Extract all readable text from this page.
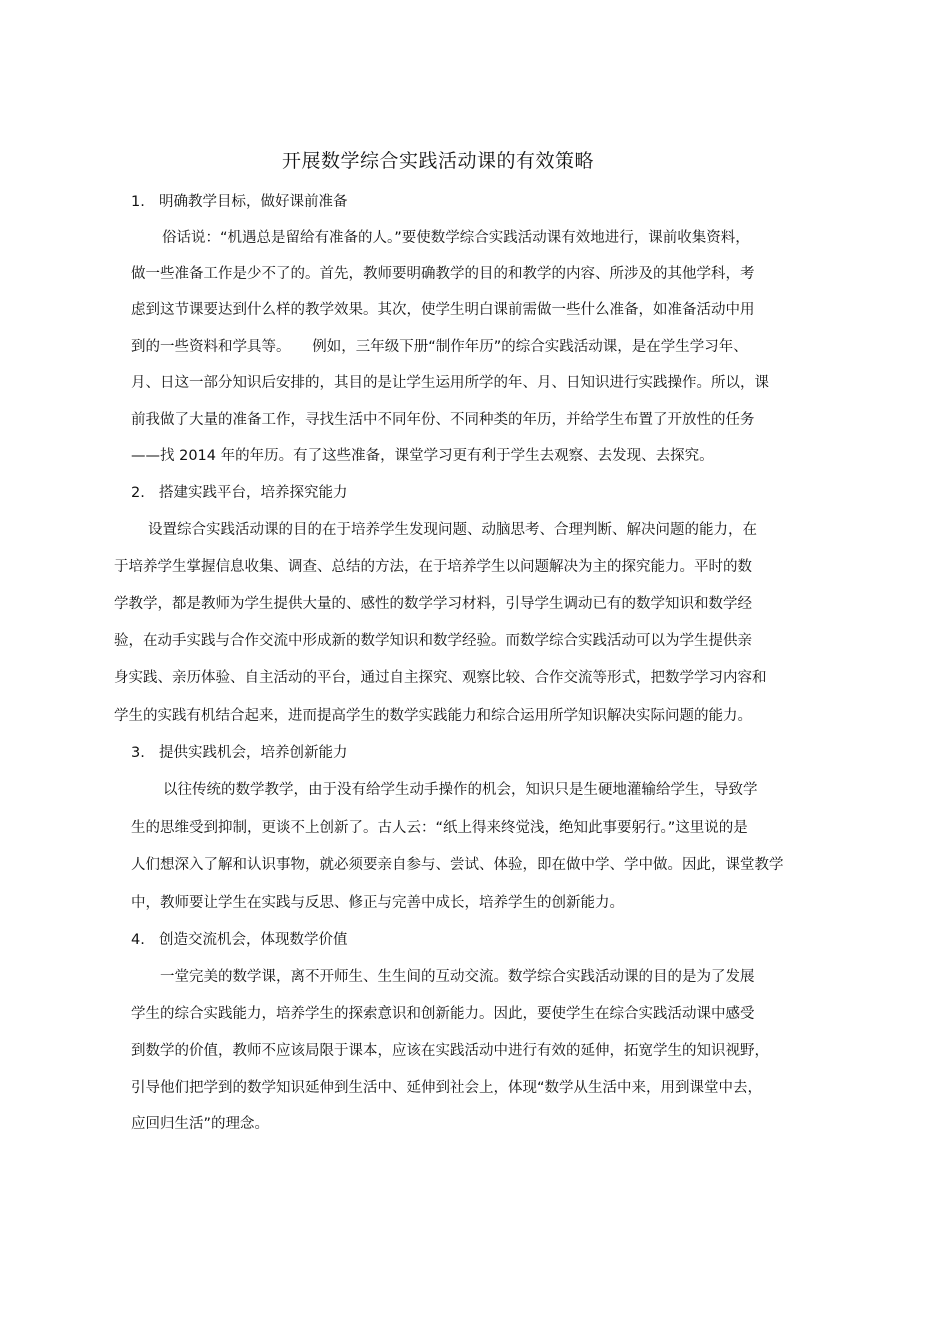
开展数学综合实践活动课的有效策略
1. 明确教学目标，做好课前准备
俗话说：“机遇总是留给有准备的人。”要使数学综合实践活动课有效地进行，课前收集资料，
做一些准备工作是少不了的。首先，教师要明确教学的目的和教学的内容、所涉及的其他学科，考
虑到这节课要达到什么样的教学效果。其次，使学生明白课前需做一些什么准备，如准备活动中用
到的一些资料和学具等。　　例如，三年级下册“制作年历”的综合实践活动课，是在学生学习年、
月、日这一部分知识后安排的，其目的是让学生运用所学的年、月、日知识进行实践操作。所以，课
前我做了大量的准备工作，寻找生活中不同年份、不同种类的年历，并给学生布置了开放性的任务
——找 2014 年的年历。有了这些准备，课堂学习更有利于学生去观察、去发现、去探究。
2. 搭建实践平台，培养探究能力
设置综合实践活动课的目的在于培养学生发现问题、动脑思考、合理判断、解决问题的能力，在
于培养学生掌握信息收集、调查、总结的方法，在于培养学生以问题解决为主的探究能力。平时的数
学教学，都是教师为学生提供大量的、感性的数学学习材料，引导学生调动已有的数学知识和数学经
验，在动手实践与合作交流中形成新的数学知识和数学经验。而数学综合实践活动可以为学生提供亲
身实践、亲历体验、自主活动的平台，通过自主探究、观察比较、合作交流等形式，把数学学习内容和
学生的实践有机结合起来，进而提高学生的数学实践能力和综合运用所学知识解决实际问题的能力。
3. 提供实践机会，培养创新能力
以往传统的数学教学，由于没有给学生动手操作的机会，知识只是生硬地灌输给学生，导致学
生的思维受到抑制，更谈不上创新了。古人云：“纸上得来终觉浅，绝知此事要躬行。”这里说的是
人们想深入了解和认识事物，就必须要亲自参与、尝试、体验，即在做中学、学中做。因此，课堂教学
中，教师要让学生在实践与反思、修正与完善中成长，培养学生的创新能力。
4. 创造交流机会，体现数学价值
一堂完美的数学课，离不开师生、生生间的互动交流。数学综合实践活动课的目的是为了发展
学生的综合实践能力，培养学生的探索意识和创新能力。因此，要使学生在综合实践活动课中感受
到数学的价值，教师不应该局限于课本，应该在实践活动中进行有效的延伸，拓宽学生的知识视野，
引导他们把学到的数学知识延伸到生活中、延伸到社会上，体现“数学从生活中来，用到课堂中去，
应回归生活”的理念。
